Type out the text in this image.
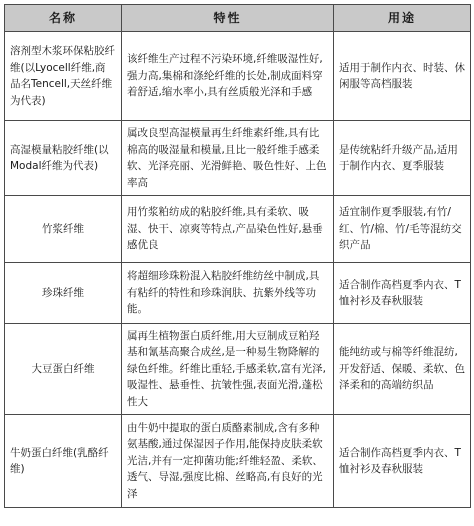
名称	特性	用途
溶剂型木浆环保粘胶纤维(以Lyocell纤维,商品名Tencell,天丝纤维为代表)	该纤维生产过程不污染环境,纤维吸湿性好,强力高,集棉和涤纶纤维的长处,制成面料穿着舒适,缩水率小,具有丝质般光泽和手感	适用于制作内衣、时装、休闲服等高档服装
高湿模量粘胶纤维(以Modal纤维为代表)	属改良型高湿模量再生纤维素纤维,具有比棉高的吸湿量和模量,且比一般纤维手感柔软、光泽亮丽、光滑鲜艳、吸色性好、上色率高	是传统粘纤升级产品,适用于制作内衣、夏季服装
竹浆纤维	用竹浆粕纺成的粘胶纤维,具有柔软、吸湿、快干、凉爽等特点,产品染色性好,悬垂感优良	适宜制作夏季服装,有竹/红、竹/棉、竹/毛等混纺交织产品
珍珠纤维	将超细珍珠粉混入粘胶纤维纺丝中制成,具有粘纤的特性和珍珠润肤、抗紫外线等功能。	适合制作高档夏季内衣、T恤衬衫及春秋服装
大豆蛋白纤维	属再生植物蛋白质纤维,用大豆制成豆粕羟基和氰基高聚合成丝,是一种易生物降解的绿色纤维。纤维比重轻,手感柔软,富有光泽,吸湿性、悬垂性、抗皱性强,表面光滑,蓬松性大	能纯纺或与棉等纤维混纺,开发舒适、保暖、柔软、色泽柔和的高端纺织品
牛奶蛋白纤维(乳酪纤维)	由牛奶中提取的蛋白质酪素制成,含有多种氨基酸,通过保湿因子作用,能保持皮肤柔软光洁,并有一定抑菌功能;纤维轻盈、柔软、透气、导湿,强度比棉、丝略高,有良好的光泽	适合制作高档夏季内衣、T恤衬衫及春秋服装
